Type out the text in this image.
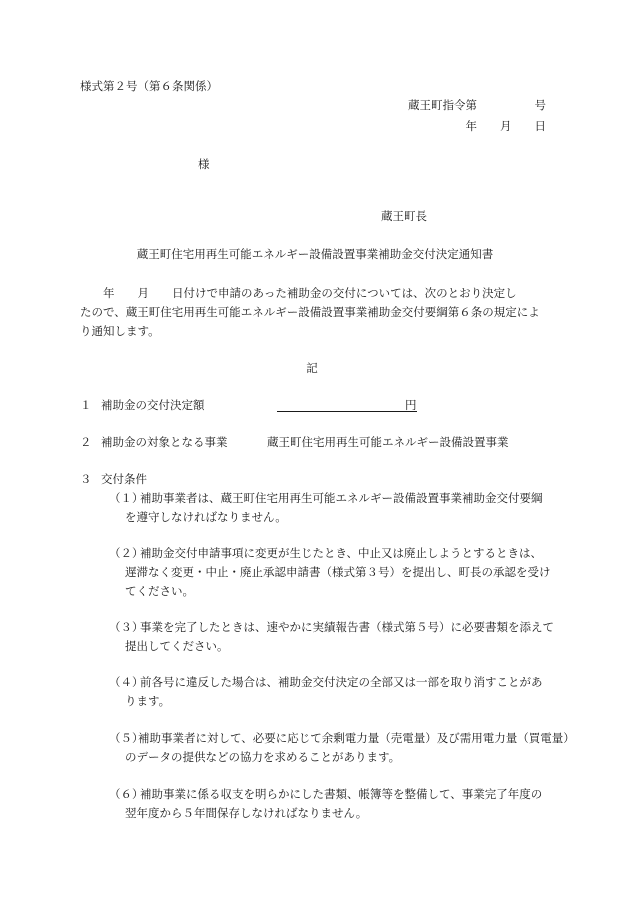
様式第２号（第６条関係）
蔵王町指令第　　　　　号
年　　月　　日
様
蔵王町長
蔵王町住宅用再生可能エネルギー設備設置事業補助金交付決定通知書
　　年　　月　　日付けで申請のあった補助金の交付については、次のとおり決定し
たので、蔵王町住宅用再生可能エネルギー設備設置事業補助金交付要綱第６条の規定によ
り通知します。
記
１ 補助金の交付決定額	円
２ 補助金の対象となる事業	蔵王町住宅用再生可能エネルギー設備設置事業
３ 交付条件
（１）
補助事業者は、蔵王町住宅用再生可能エネルギー設備設置事業補助金交付要綱
を遵守しなければなりません。
（２）
補助金交付申請事項に変更が生じたとき、中止又は廃止しようとするときは、
遅滞なく変更・中止・廃止承認申請書（様式第３号）を提出し、町長の承認を受け
てください。
（３）
事業を完了したときは、速やかに実績報告書（様式第５号）に必要書類を添えて
提出してください。
（４）
前各号に違反した場合は、補助金交付決定の全部又は一部を取り消すことがあ
ります。
（５）
補助事業者に対して、必要に応じて余剰電力量（売電量）及び需用電力量（買電量）
のデータの提供などの協力を求めることがあります。
（６）
補助事業に係る収支を明らかにした書類、帳簿等を整備して、事業完了年度の
翌年度から５年間保存しなければなりません。
